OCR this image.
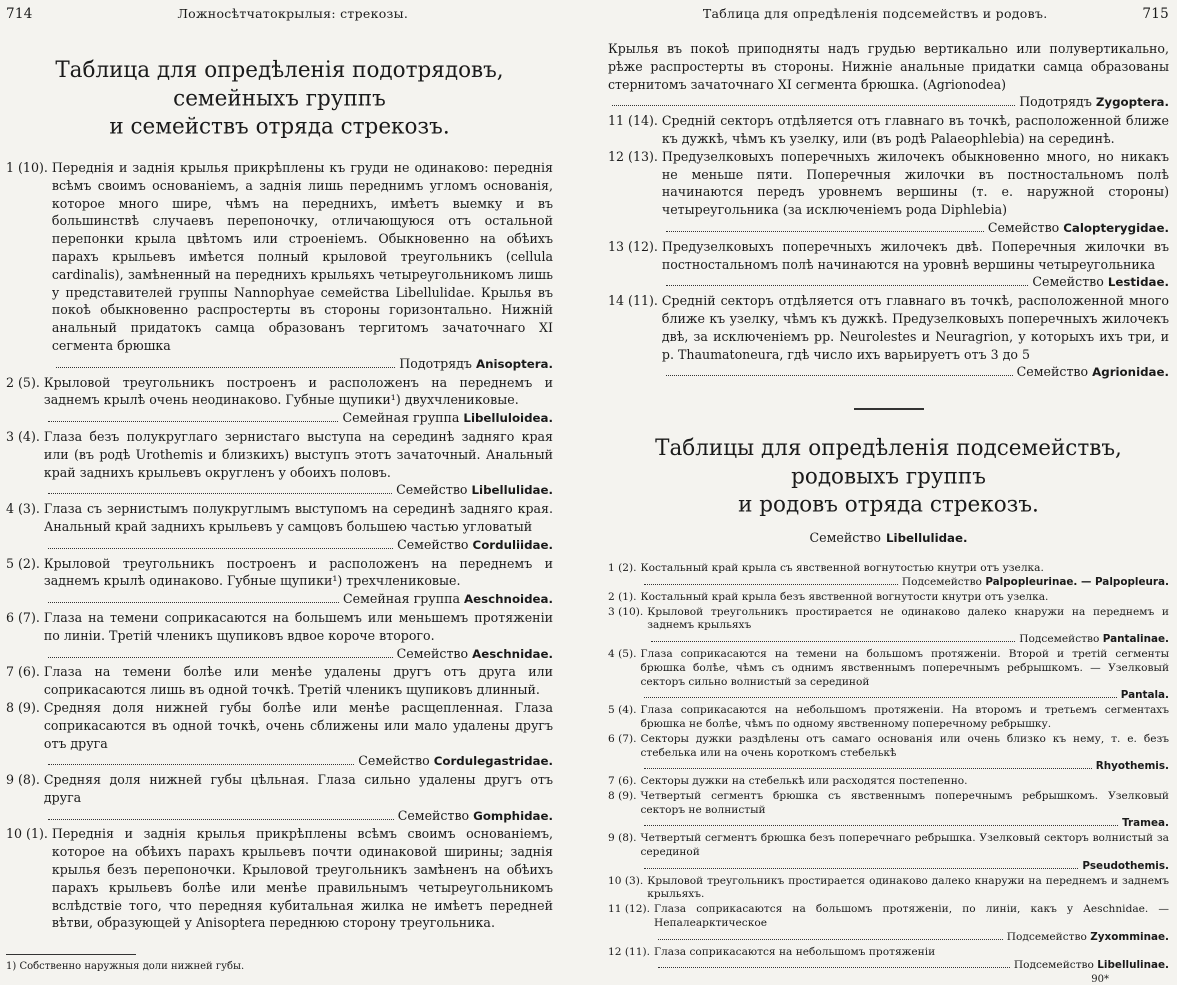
714	Ложносѣтчатокрылыя: стрекозы.
Таблица для опредѣленія подотрядовъ, семейныхъ группъ
и семействъ отряда стрекозъ.
1 (10). Переднія и заднія крылья прикрѣплены къ груди не одинаково: переднія всѣмъ своимъ основаніемъ, а заднія лишь переднимъ угломъ основанія, которое много шире, чѣмъ на переднихъ, имѣетъ выемку и въ большинствѣ случаевъ перепоночку, отличающуюся отъ остальной перепонки крыла цвѣтомъ или строеніемъ. Обыкновенно на обѣихъ парахъ крыльевъ имѣется полный крыловой треугольникъ (cellula cardinalis), замѣненный на переднихъ крыльяхъ четыреугольникомъ лишь у представителей группы Nannophyae семейства Libellulidae. Крылья въ покоѣ обыкновенно распростерты въ стороны горизонтально. Нижній анальный придатокъ самца образованъ тергитомъ зачаточнаго XI сегмента брюшка
Подотрядъ Anisoptera.
2 (5). Крыловой треугольникъ построенъ и расположенъ на переднемъ и заднемъ крылѣ очень неодинаково. Губные щупики¹) двухчлениковые.
Семейная группа Libelluloidea.
3 (4). Глаза безъ полукруглаго зернистаго выступа на серединѣ задняго края или (въ родѣ Urothemis и близкихъ) выступъ этотъ зачаточный. Анальный край заднихъ крыльевъ округленъ у обоихъ половъ.
Семейство Libellulidae.
4 (3). Глаза съ зернистымъ полукруглымъ выступомъ на серединѣ задняго края. Анальный край заднихъ крыльевъ у самцовъ большею частью угловатый
Семейство Corduliidae.
5 (2). Крыловой треугольникъ построенъ и расположенъ на переднемъ и заднемъ крылѣ одинаково. Губные щупики¹) трехчлениковые.
Семейная группа Aeschnoidea.
6 (7). Глаза на темени соприкасаются на большемъ или меньшемъ протяженіи по линіи. Третій членикъ щупиковъ вдвое короче второго.
Семейство Aeschnidae.
7 (6). Глаза на темени болѣе или менѣе удалены другъ отъ друга или соприкасаются лишь въ одной точкѣ. Третій членикъ щупиковъ длинный.
8 (9). Средняя доля нижней губы болѣе или менѣе расщепленная. Глаза соприкасаются въ одной точкѣ, очень сближены или мало удалены другъ отъ друга
Семейство Cordulegastridae.
9 (8). Средняя доля нижней губы цѣльная. Глаза сильно удалены другъ отъ друга
Семейство Gomphidae.
10 (1). Переднія и заднія крылья прикрѣплены всѣмъ своимъ основаніемъ, которое на обѣихъ парахъ крыльевъ почти одинаковой ширины; заднія крылья безъ перепоночки. Крыловой треугольникъ замѣненъ на обѣихъ парахъ крыльевъ болѣе или менѣе правильнымъ четыреугольникомъ вслѣдствіе того, что передняя кубитальная жилка не имѣетъ передней вѣтви, образующей у Anisoptera переднюю сторону треугольника.
1) Собственно наружныя доли нижней губы.
Таблица для опредѣленія подсемействъ и родовъ.	715
Крылья въ покоѣ приподняты надъ грудью вертикально или полувертикально, рѣже распростерты въ стороны. Нижніе анальные придатки самца образованы стернитомъ зачаточнаго XI сегмента брюшка. (Agrionodea)
Подотрядъ Zygoptera.
11 (14). Средній секторъ отдѣляется отъ главнаго въ точкѣ, расположенной ближе къ дужкѣ, чѣмъ къ узелку, или (въ родѣ Palaeophlebia) на серединѣ.
12 (13). Предузелковыхъ поперечныхъ жилочекъ обыкновенно много, но никакъ не меньше пяти. Поперечныя жилочки въ постностальномъ полѣ начинаются передъ уровнемъ вершины (т. е. наружной стороны) четыреугольника (за исключеніемъ рода Diphlebia)
Семейство Calopterygidae.
13 (12). Предузелковыхъ поперечныхъ жилочекъ двѣ. Поперечныя жилочки въ постностальномъ полѣ начинаются на уровнѣ вершины четыреугольника
Семейство Lestidae.
14 (11). Средній секторъ отдѣляется отъ главнаго въ точкѣ, расположенной много ближе къ узелку, чѣмъ къ дужкѣ. Предузелковыхъ поперечныхъ жилочекъ двѣ, за исключеніемъ рр. Neurolestes и Neuragrion, у которыхъ ихъ три, и р. Thaumatoneura, гдѣ число ихъ варьируетъ отъ 3 до 5
Семейство Agrionidae.
Таблицы для опредѣленія подсемействъ, родовыхъ группъ
и родовъ отряда стрекозъ.
Семейство Libellulidae.
1 (2). Костальный край крыла съ явственной вогнутостью кнутри отъ узелка.
Подсемейство Palpopleurinae. — Palpopleura.
2 (1). Костальный край крыла безъ явственной вогнутости кнутри отъ узелка.
3 (10). Крыловой треугольникъ простирается не одинаково далеко кнаружи на переднемъ и заднемъ крыльяхъ
Подсемейство Pantalinae.
4 (5). Глаза соприкасаются на темени на большомъ протяженіи. Второй и третій сегменты брюшка болѣе, чѣмъ съ однимъ явственнымъ поперечнымъ ребрышкомъ. — Узелковый секторъ сильно волнистый за серединой
Pantala.
5 (4). Глаза соприкасаются на небольшомъ протяженіи. На второмъ и третьемъ сегментахъ брюшка не болѣе, чѣмъ по одному явственному поперечному ребрышку.
6 (7). Секторы дужки раздѣлены отъ самаго основанія или очень близко къ нему, т. е. безъ стебелька или на очень короткомъ стебелькѣ
Rhyothemis.
7 (6). Секторы дужки на стебелькѣ или расходятся постепенно.
8 (9). Четвертый сегментъ брюшка съ явственнымъ поперечнымъ ребрышкомъ. Узелковый секторъ не волнистый
Tramea.
9 (8). Четвертый сегментъ брюшка безъ поперечнаго ребрышка. Узелковый секторъ волнистый за серединой
Pseudothemis.
10 (3). Крыловой треугольникъ простирается одинаково далеко кнаружи на переднемъ и заднемъ крыльяхъ.
11 (12). Глаза соприкасаются на большомъ протяженіи, по линіи, какъ у Aeschnidae. — Непалеарктическое
Подсемейство Zyxomminae.
12 (11). Глаза соприкасаются на небольшомъ протяженіи
Подсемейство Libellulinae.
90*
